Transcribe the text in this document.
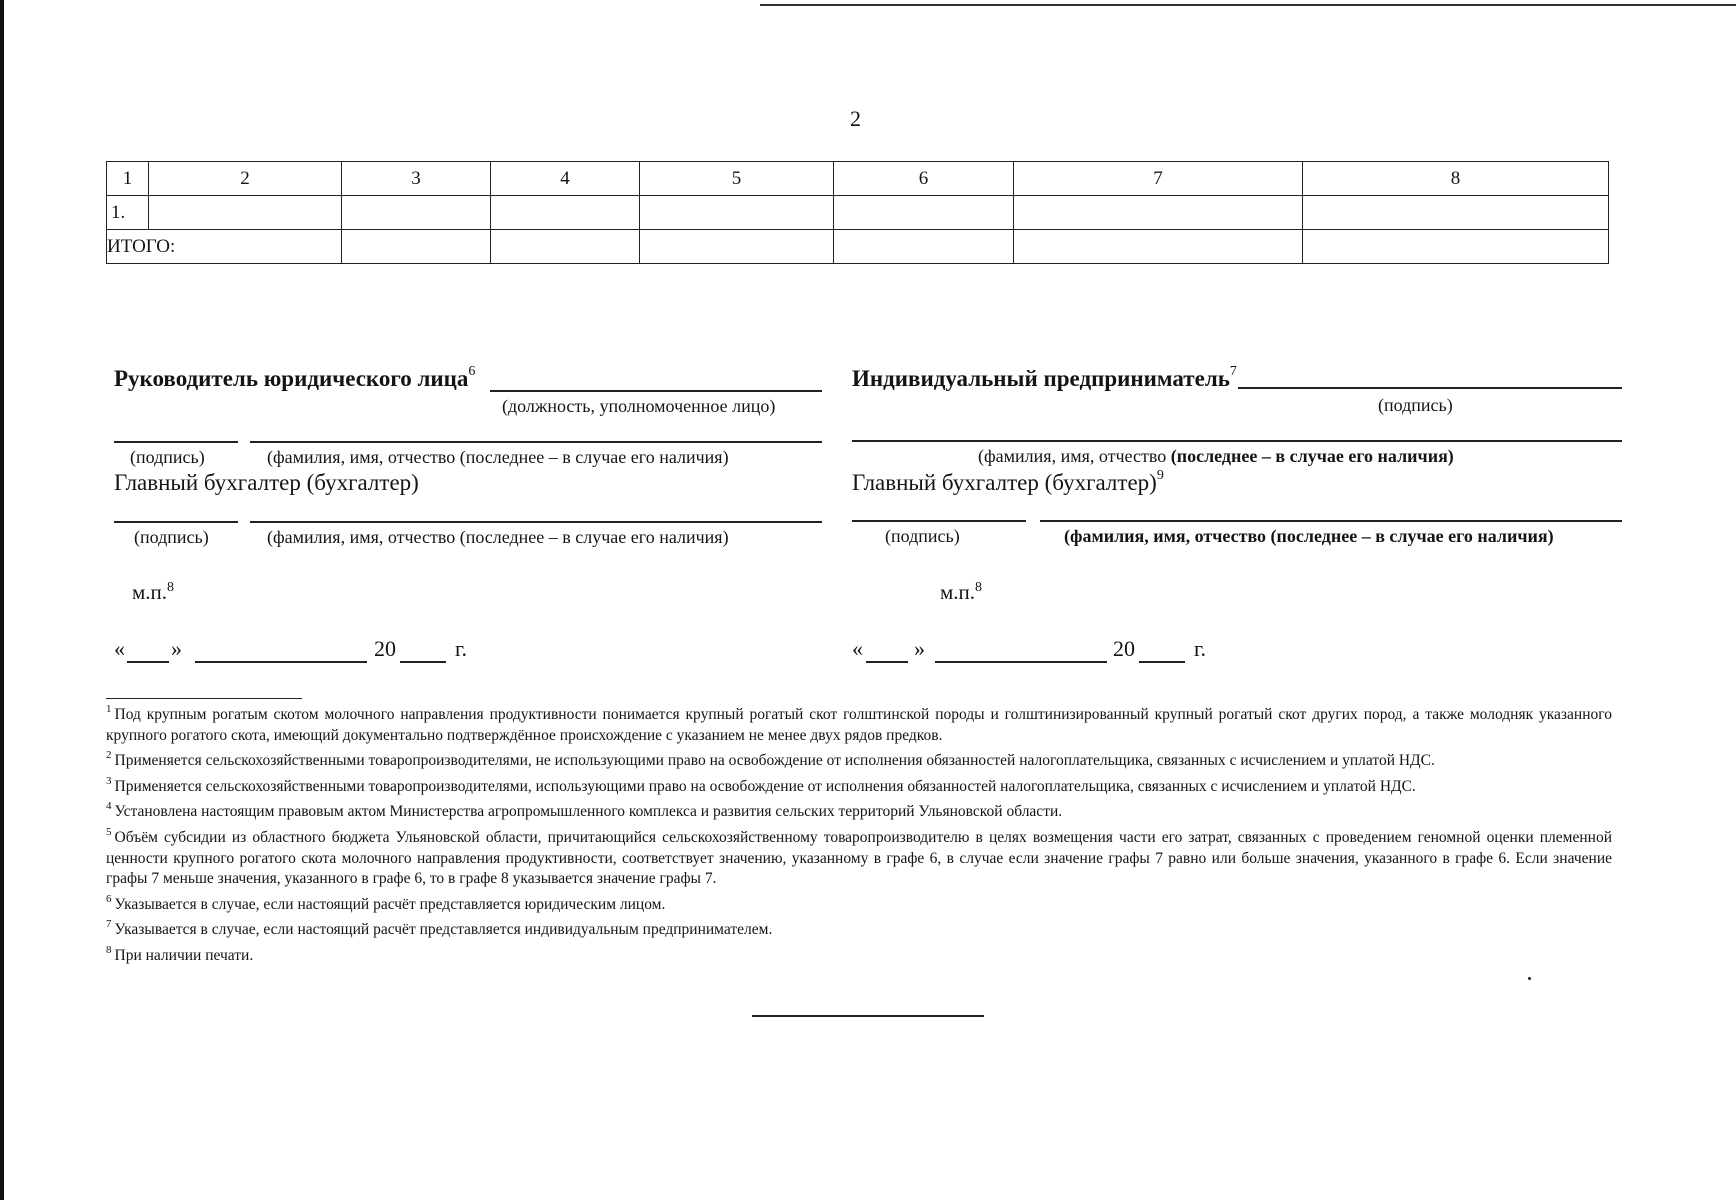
2
1	2	3	4	5	6	7	8
1.							
ИТОГО:							
Руководитель юридического лица$^6$
(должность, уполномоченное лицо)
(подпись)	(фамилия, имя, отчество (последнее – в случае его наличия)
Главный бухгалтер (бухгалтер)
(подпись)	(фамилия, имя, отчество (последнее – в случае его наличия)
м.п.$^8$
« »	20	г.
Индивидуальный предприниматель$^7$
(подпись)
(фамилия, имя, отчество (последнее – в случае его наличия)
Главный бухгалтер (бухгалтер)$^9$
(подпись)	(фамилия, имя, отчество (последнее – в случае его наличия)
м.п.$^8$
« »	20	г.

$^1$ Под крупным рогатым скотом молочного направления продуктивности понимается крупный рогатый скот голштинской породы и голштинизированный крупный рогатый скот других пород, а также молодняк указанного крупного рогатого скота, имеющий документально подтверждённое происхождение с указанием не менее двух рядов предков.

$^2$ Применяется сельскохозяйственными товаропроизводителями, не использующими право на освобождение от исполнения обязанностей налогоплательщика, связанных с исчислением и уплатой НДС.

$^3$ Применяется сельскохозяйственными товаропроизводителями, использующими право на освобождение от исполнения обязанностей налогоплательщика, связанных с исчислением и уплатой НДС.

$^4$ Установлена настоящим правовым актом Министерства агропромышленного комплекса и развития сельских территорий Ульяновской области.

$^5$ Объём субсидии из областного бюджета Ульяновской области, причитающийся сельскохозяйственному товаропроизводителю в целях возмещения части его затрат, связанных с проведением геномной оценки племенной ценности крупного рогатого скота молочного направления продуктивности, соответствует значению, указанному в графе 6, в случае если значение графы 7 равно или больше значения, указанного в графе 6. Если значение графы 7 меньше значения, указанного в графе 6, то в графе 8 указывается значение графы 7.

$^6$ Указывается в случае, если настоящий расчёт представляется юридическим лицом.

$^7$ Указывается в случае, если настоящий расчёт представляется индивидуальным предпринимателем.

$^8$ При наличии печати.
